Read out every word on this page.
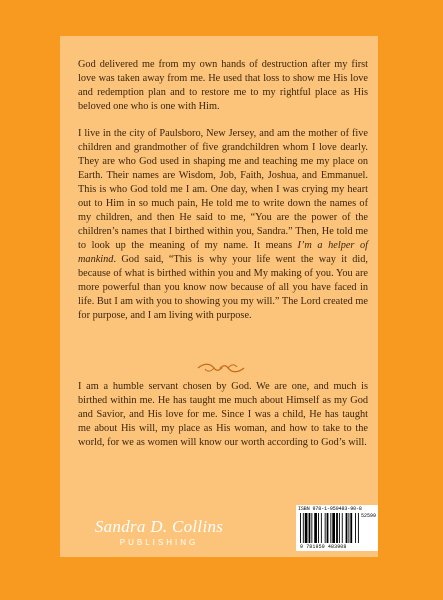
God delivered me from my own hands of destruction after my first love was taken away from me. He used that loss to show me His love and redemption plan and to restore me to my rightful place as His beloved one who is one with Him.

I live in the city of Paulsboro, New Jersey, and am the mother of five children and grandmother of five grandchildren whom I love dearly. They are who God used in shaping me and teaching me my place on Earth. Their names are Wisdom, Job, Faith, Joshua, and Emmanuel. This is who God told me I am. One day, when I was crying my heart out to Him in so much pain, He told me to write down the names of my children, and then He said to me, “You are the power of the children’s names that I birthed within you, Sandra.” Then, He told me to look up the meaning of my name. It means I’m a helper of mankind. God said, “This is why your life went the way it did, because of what is birthed within you and My making of you. You are more powerful than you know now because of all you have faced in life. But I am with you to showing you my will.” The Lord created me for purpose, and I am living with purpose.

I am a humble servant chosen by God. We are one, and much is birthed within me. He has taught me much about Himself as my God and Savior, and His love for me. Since I was a child, He has taught me about His will, my place as His woman, and how to take to the world, for we as women will know our worth according to God’s will.

Sandra D. Collins
PUBLISHING
ISBN 978-1-959483-90-8
52599
9 781959 483908
